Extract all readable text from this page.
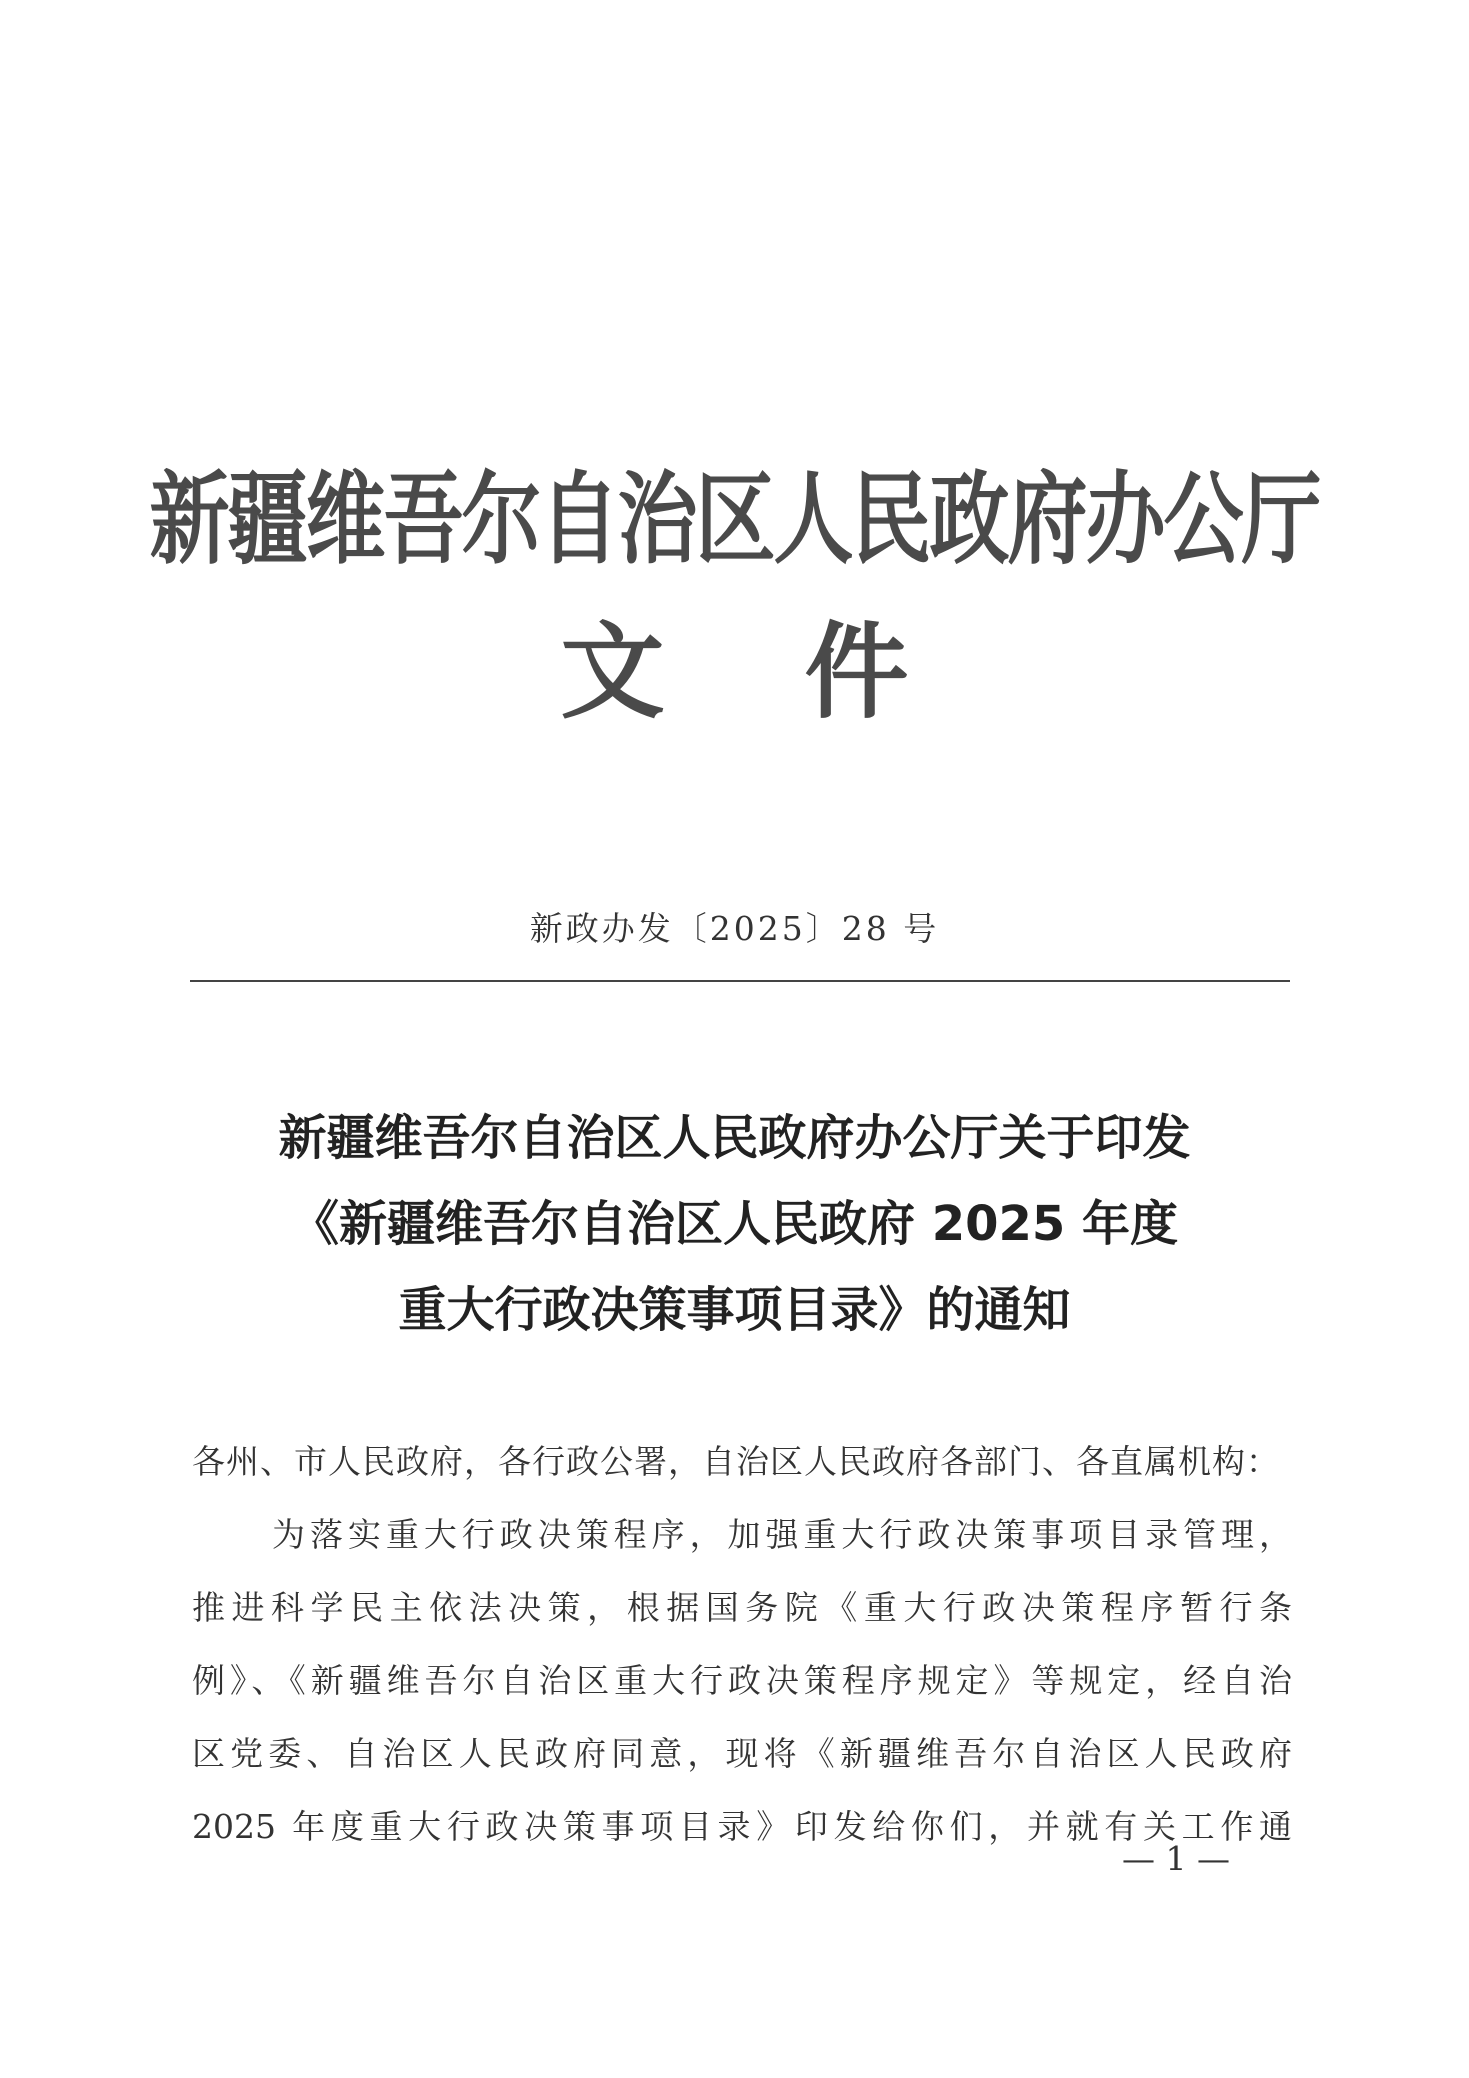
新疆维吾尔自治区人民政府办公厅
文件
新政办发〔2025〕28 号
新疆维吾尔自治区人民政府办公厅关于印发
《新疆维吾尔自治区人民政府 2025 年度
重大行政决策事项目录》的通知
各州、市人民政府，各行政公署，自治区人民政府各部门、各直属机构：
为落实重大行政决策程序，加强重大行政决策事项目录管理，
推进科学民主依法决策，根据国务院《重大行政决策程序暂行条
例》、《新疆维吾尔自治区重大行政决策程序规定》等规定，经自治
区党委、自治区人民政府同意，现将《新疆维吾尔自治区人民政府
2025 年度重大行政决策事项目录》印发给你们，并就有关工作通
— 1 —
